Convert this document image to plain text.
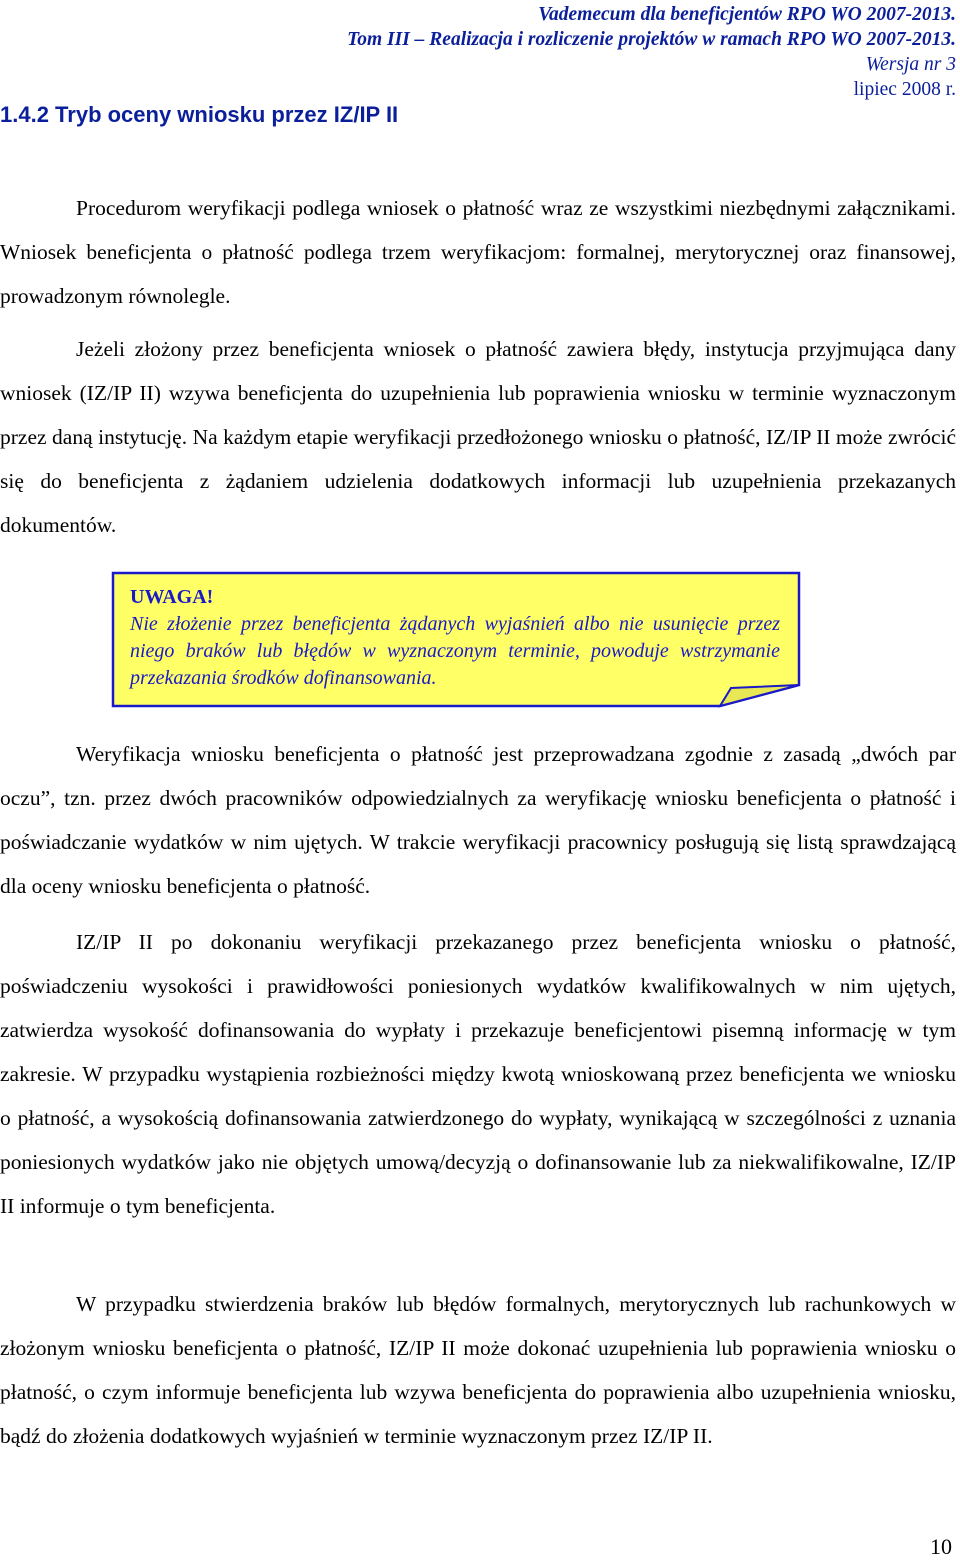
Vademecum dla beneficjentów RPO WO 2007-2013.
Tom III – Realizacja i rozliczenie projektów w ramach RPO WO 2007-2013.
Wersja nr 3
lipiec 2008 r.
1.4.2 Tryb oceny wniosku przez IZ/IP II
Procedurom weryfikacji podlega wniosek o płatność wraz ze wszystkimi niezbędnymi załącznikami. Wniosek beneficjenta o płatność podlega trzem weryfikacjom: formalnej, merytorycznej oraz finansowej, prowadzonym równolegle.
Jeżeli złożony przez beneficjenta wniosek o płatność zawiera błędy, instytucja przyjmująca dany wniosek (IZ/IP II) wzywa beneficjenta do uzupełnienia lub poprawienia wniosku w terminie wyznaczonym przez daną instytucję. Na każdym etapie weryfikacji przedłożonego wniosku o płatność, IZ/IP II może zwrócić się do beneficjenta z żądaniem udzielenia dodatkowych informacji lub uzupełnienia przekazanych dokumentów.
UWAGA!
Nie złożenie przez beneficjenta żądanych wyjaśnień albo nie usunięcie przez niego braków lub błędów w wyznaczonym terminie, powoduje wstrzymanie przekazania środków dofinansowania.
Weryfikacja wniosku beneficjenta o płatność jest przeprowadzana zgodnie z zasadą „dwóch par oczu”, tzn. przez dwóch pracowników odpowiedzialnych za weryfikację wniosku beneficjenta o płatność i poświadczanie wydatków w nim ujętych. W trakcie weryfikacji pracownicy posługują się listą sprawdzającą dla oceny wniosku beneficjenta o płatność.
IZ/IP II po dokonaniu weryfikacji przekazanego przez beneficjenta wniosku o płatność, poświadczeniu wysokości i prawidłowości poniesionych wydatków kwalifikowalnych w nim ujętych, zatwierdza wysokość dofinansowania do wypłaty i przekazuje beneficjentowi pisemną informację w tym zakresie. W przypadku wystąpienia rozbieżności między kwotą wnioskowaną przez beneficjenta we wniosku o płatność, a wysokością dofinansowania zatwierdzonego do wypłaty, wynikającą w szczególności z uznania poniesionych wydatków jako nie objętych umową/decyzją o dofinansowanie lub za niekwalifikowalne, IZ/IP II informuje o tym beneficjenta.
W przypadku stwierdzenia braków lub błędów formalnych, merytorycznych lub rachunkowych w złożonym wniosku beneficjenta o płatność, IZ/IP II może dokonać uzupełnienia lub poprawienia wniosku o płatność, o czym informuje beneficjenta lub wzywa beneficjenta do poprawienia albo uzupełnienia wniosku, bądź do złożenia dodatkowych wyjaśnień w terminie wyznaczonym przez IZ/IP II.
10
